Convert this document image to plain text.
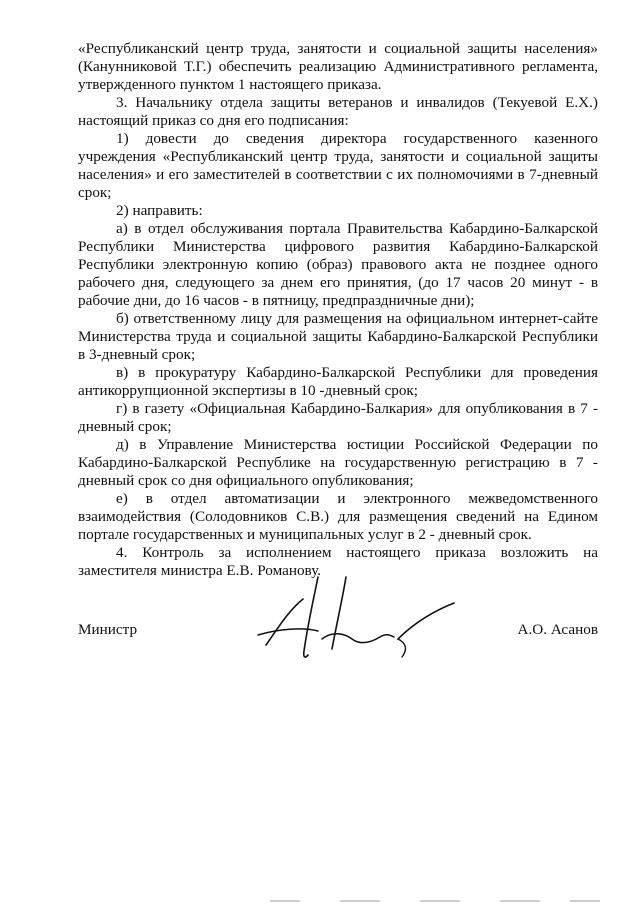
«Республиканский центр труда, занятости и социальной защиты населения» (Канунниковой Т.Г.) обеспечить реализацию Административного регламента, утвержденного пунктом 1 настоящего приказа.

3. Начальнику отдела защиты ветеранов и инвалидов (Текуевой Е.Х.) настоящий приказ со дня его подписания:

1) довести до сведения директора государственного казенного учреждения «Республиканский центр труда, занятости и социальной защиты населения» и его заместителей в соответствии с их полномочиями в 7-дневный срок;

2) направить:

а) в отдел обслуживания портала Правительства Кабардино-Балкарской Республики Министерства цифрового развития Кабардино-Балкарской Республики электронную копию (образ) правового акта не позднее одного рабочего дня, следующего за днем его принятия, (до 17 часов 20 минут - в рабочие дни, до 16 часов - в пятницу, предпраздничные дни);

б) ответственному лицу для размещения на официальном интернет-сайте Министерства труда и социальной защиты Кабардино-Балкарской Республики в 3-дневный срок;

в) в прокуратуру Кабардино-Балкарской Республики для проведения антикоррупционной экспертизы в 10 -дневный срок;

г) в газету «Официальная Кабардино-Балкария» для опубликования в 7 - дневный срок;

д) в Управление Министерства юстиции Российской Федерации по Кабардино-Балкарской Республике на государственную регистрацию в 7 - дневный срок со дня официального опубликования;

е) в отдел автоматизации и электронного межведомственного взаимодействия (Солодовников С.В.) для размещения сведений на Едином портале государственных и муниципальных услуг в 2 - дневный срок.

4. Контроль за исполнением настоящего приказа возложить на заместителя министра Е.В. Романову.

Министр	А.О. Асанов
